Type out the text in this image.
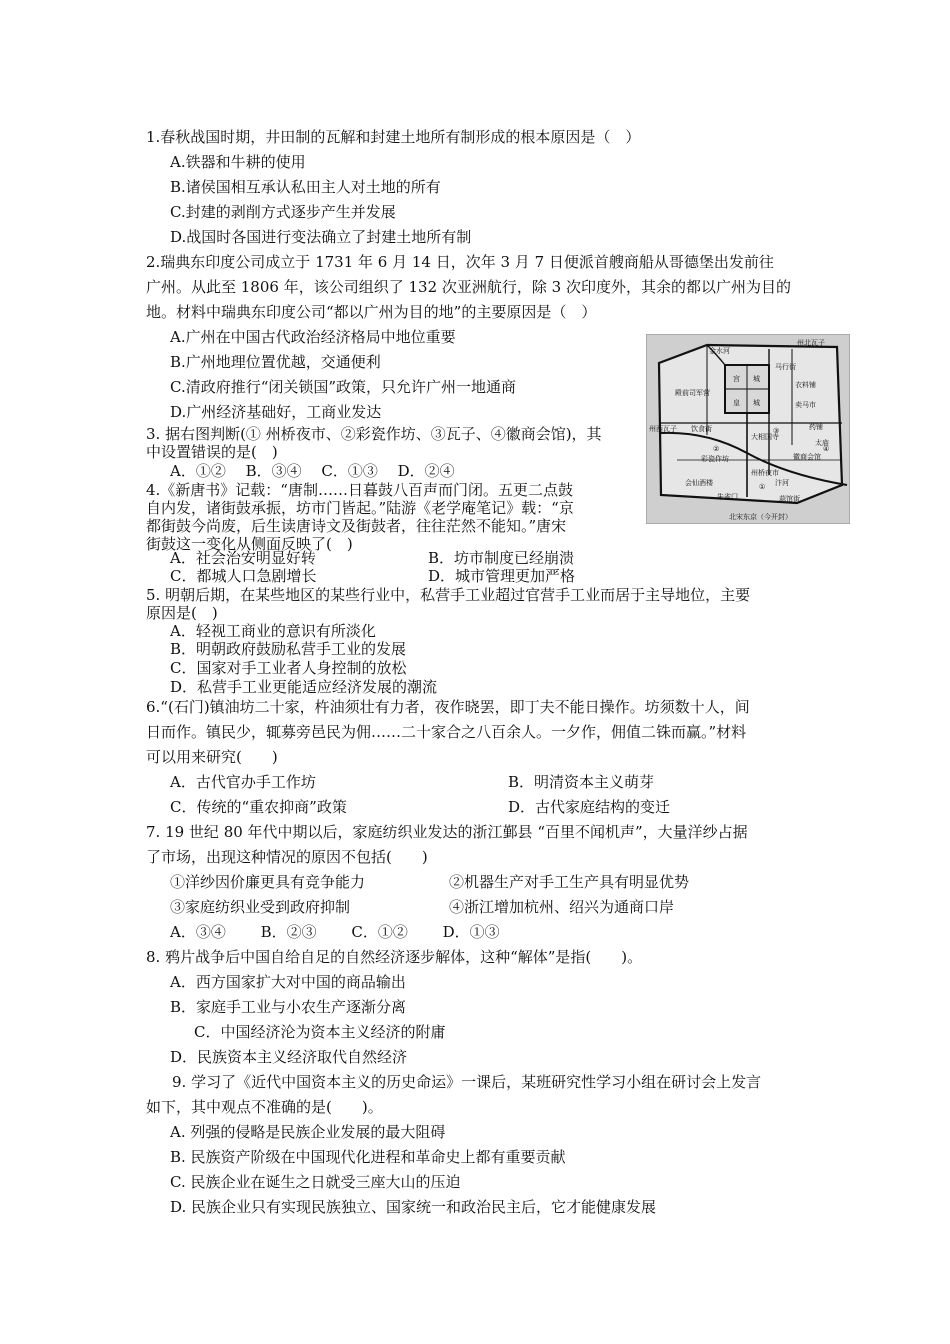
1.春秋战国时期，井田制的瓦解和封建土地所有制形成的根本原因是（　）
A.铁器和牛耕的使用
B.诸侯国相互承认私田主人对土地的所有
C.封建的剥削方式逐步产生并发展
D.战国时各国进行变法确立了封建土地所有制
2.瑞典东印度公司成立于 1731 年 6 月 14 日，次年 3 月 7 日便派首艘商船从哥德堡出发前往
广州。从此至 1806 年，该公司组织了 132 次亚洲航行，除 3 次印度外，其余的都以广州为目的
地。材料中瑞典东印度公司“都以广州为目的地”的主要原因是（　）
A.广州在中国古代政治经济格局中地位重要
B.广州地理位置优越，交通便利
C.清政府推行“闭关锁国”政策，只允许广州一地通商
D.广州经济基础好，工商业发达
金水河
州北瓦子
马行街
殿前司军营
宫 城
皇 城
衣料铺
卖马市
药铺
州西瓦子 饮食街
彩瓷作坊
大相国寺
太庙
徽商会馆
会仙酒楼
州桥夜市
汴河
朱雀门	蒜馆街
①
②
③
④
北宋东京（今开封）
3. 据右图判断(① 州桥夜市、②彩瓷作坊、③瓦子、④徽商会馆)，其
中设置错误的是(　)
A．①②　 B．③④　 C．①③　 D．②④
4.《新唐书》记载：“唐制……日暮鼓八百声而门闭。五更二点鼓
自内发，诸街鼓承振，坊市门皆起。”陆游《老学庵笔记》载：“京
都街鼓今尚废，后生读唐诗文及街鼓者，往往茫然不能知。”唐宋
街鼓这一变化从侧面反映了(　)
A．社会治安明显好转	B．坊市制度已经崩溃
C．都城人口急剧增长	D．城市管理更加严格
5. 明朝后期，在某些地区的某些行业中，私营手工业超过官营手工业而居于主导地位，主要
原因是(　)
A．轻视工商业的意识有所淡化
B．明朝政府鼓励私营手工业的发展
C．国家对手工业者人身控制的放松
D．私营手工业更能适应经济发展的潮流
6.“(石门)镇油坊二十家，杵油须壮有力者，夜作晓罢，即丁夫不能日操作。坊须数十人，间
日而作。镇民少，辄募旁邑民为佣……二十家合之八百余人。一夕作，佣值二铢而赢。”材料
可以用来研究(　　)
A．古代官办手工作坊	B．明清资本主义萌芽
C．传统的“重农抑商”政策	D．古代家庭结构的变迁
7. 19 世纪 80 年代中期以后，家庭纺织业发达的浙江鄞县 “百里不闻机声”，大量洋纱占据
了市场，出现这种情况的原因不包括(　　)
①洋纱因价廉更具有竞争能力	②机器生产对手工生产具有明显优势
③家庭纺织业受到政府抑制	④浙江增加杭州、绍兴为通商口岸
A．③④　　 B．②③　　 C．①②　　 D．①③
8. 鸦片战争后中国自给自足的自然经济逐步解体，这种“解体”是指(　　)。
A．西方国家扩大对中国的商品输出
B．家庭手工业与小农生产逐渐分离
C．中国经济沦为资本主义经济的附庸
D．民族资本主义经济取代自然经济
9. 学习了《近代中国资本主义的历史命运》一课后，某班研究性学习小组在研讨会上发言
如下，其中观点不准确的是(　　)。
A. 列强的侵略是民族企业发展的最大阻碍
B. 民族资产阶级在中国现代化进程和革命史上都有重要贡献
C. 民族企业在诞生之日就受三座大山的压迫
D. 民族企业只有实现民族独立、国家统一和政治民主后，它才能健康发展
